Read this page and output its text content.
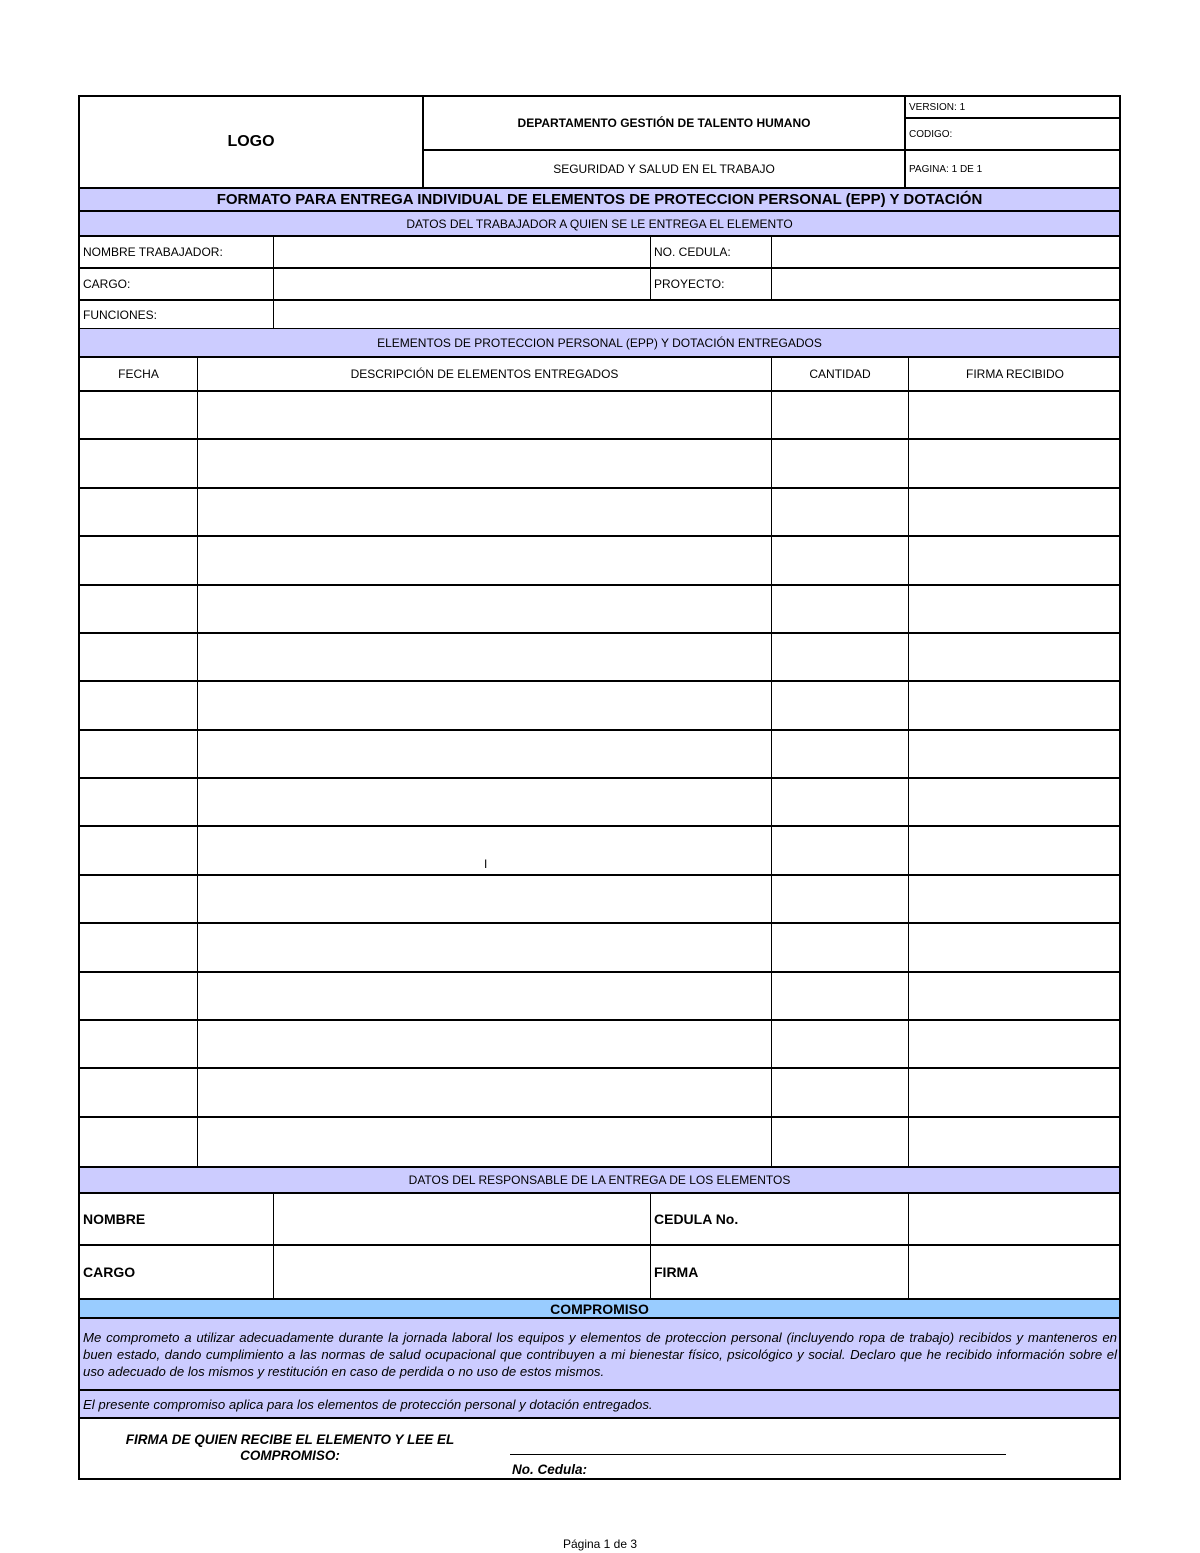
LOGO
DEPARTAMENTO GESTIÓN DE TALENTO HUMANO
SEGURIDAD Y SALUD EN EL TRABAJO
VERSION: 1
CODIGO:
PAGINA: 1 DE 1
FORMATO PARA ENTREGA INDIVIDUAL DE ELEMENTOS DE PROTECCION PERSONAL (EPP) Y DOTACIÓN
DATOS DEL TRABAJADOR A QUIEN SE LE ENTREGA EL ELEMENTO
NOMBRE TRABAJADOR:	NO. CEDULA:
CARGO:	PROYECTO:
FUNCIONES:
ELEMENTOS DE PROTECCION PERSONAL (EPP) Y DOTACIÓN ENTREGADOS
FECHA	DESCRIPCIÓN DE ELEMENTOS ENTREGADOS	CANTIDAD	FIRMA RECIBIDO
I
DATOS DEL RESPONSABLE DE LA ENTREGA DE LOS ELEMENTOS
NOMBRE	CEDULA No.
CARGO	FIRMA
COMPROMISO
Me comprometo a utilizar adecuadamente durante la jornada laboral los equipos y elementos de proteccion personal (incluyendo ropa de trabajo) recibidos y manteneros en buen estado, dando cumplimiento a las normas de salud ocupacional que contribuyen a mi bienestar físico, psicológico y social. Declaro que he recibido información sobre el uso adecuado de los mismos y restitución en caso de perdida o no uso de estos mismos.
El presente compromiso aplica para los elementos de protección personal y dotación entregados.
FIRMA DE QUIEN RECIBE EL ELEMENTO Y LEE EL COMPROMISO:
No. Cedula:
Página 1 de 3
